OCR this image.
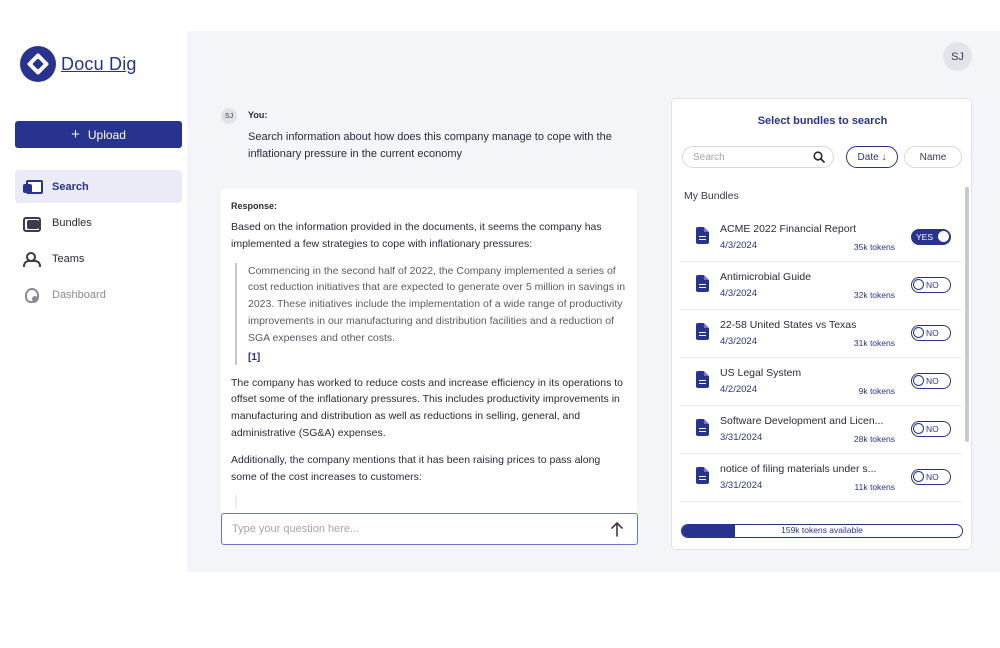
Docu Dig
+ Upload
Search
Bundles
Teams
Dashboard
SJ
SJ	You:
Search information about how does this company manage to cope with the inflationary pressure in the current economy
Response:
Based on the information provided in the documents, it seems the company has implemented a few strategies to cope with inflationary pressures:
Commencing in the second half of 2022, the Company implemented a series of cost reduction initiatives that are expected to generate over 5 million in savings in 2023. These initiatives include the implementation of a wide range of productivity improvements in our manufacturing and distribution facilities and a reduction of SGA expenses and other costs.
[1]
The company has worked to reduce costs and increase efficiency in its operations to offset some of the inflationary pressures. This includes productivity improvements in manufacturing and distribution as well as reductions in selling, general, and administrative (SG&A) expenses.
Additionally, the company mentions that it has been raising prices to pass along some of the cost increases to customers:
Type your question here...
Select bundles to search
Search
Date ↓	Name
My Bundles
ACME 2022 Financial Report
4/3/2024	35k tokens
YES
Antimicrobial Guide
4/3/2024	32k tokens
NO
22-58 United States vs Texas
4/3/2024	31k tokens
NO
US Legal System
4/2/2024	9k tokens
NO
Software Development and Licen...
3/31/2024	28k tokens
NO
notice of filing materials under s...
3/31/2024	11k tokens
NO
159k tokens available
